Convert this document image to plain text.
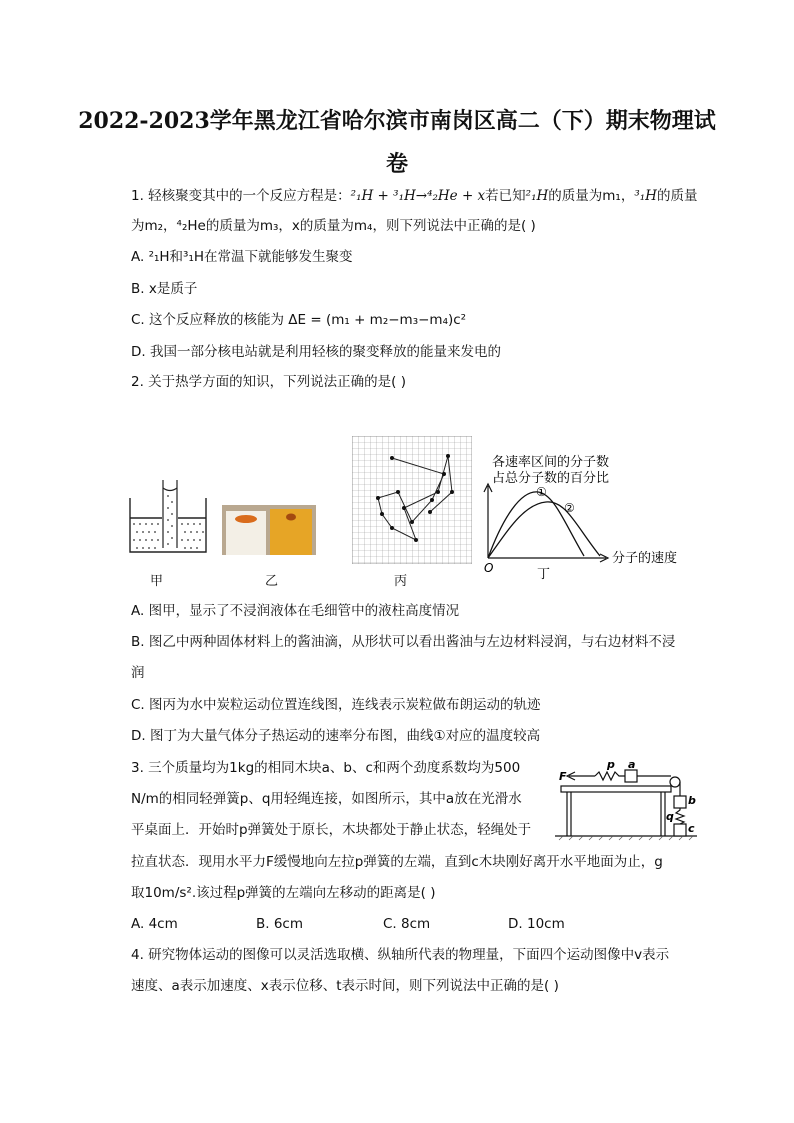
2022-2023学年黑龙江省哈尔滨市南岗区高二（下）期末物理试
卷
1. 轻核聚变其中的一个反应方程是：²₁H + ³₁H→⁴₂He + x若已知²₁H的质量为m₁，³₁H的质量
为m₂，⁴₂He的质量为m₃，x的质量为m₄，则下列说法中正确的是( )
A. ²₁H和³₁H在常温下就能够发生聚变
B. x是质子
C. 这个反应释放的核能为 ΔE = (m₁ + m₂−m₃−m₄)c²
D. 我国一部分核电站就是利用轻核的聚变释放的能量来发电的
2. 关于热学方面的知识，下列说法正确的是( )
甲	乙	丙
各速率区间的分子数
占总分子数的百分比
①
②
O
分子的速度
丁
A. 图甲，显示了不浸润液体在毛细管中的液柱高度情况
B. 图乙中两种固体材料上的酱油滴，从形状可以看出酱油与左边材料浸润，与右边材料不浸
润
C. 图丙为水中炭粒运动位置连线图，连线表示炭粒做布朗运动的轨迹
D. 图丁为大量气体分子热运动的速率分布图，曲线①对应的温度较高
3. 三个质量均为1kg的相同木块a、b、c和两个劲度系数均为500
N/m的相同轻弹簧p、q用轻绳连接，如图所示，其中a放在光滑水
平桌面上．开始时p弹簧处于原长，木块都处于静止状态，轻绳处于
拉直状态．现用水平力F缓慢地向左拉p弹簧的左端，直到c木块刚好离开水平地面为止，g
取10m/s².该过程p弹簧的左端向左移动的距离是( )
F
p a
b
q
c
A. 4cm	B. 6cm	C. 8cm	D. 10cm
4. 研究物体运动的图像可以灵活选取横、纵轴所代表的物理量，下面四个运动图像中v表示
速度、a表示加速度、x表示位移、t表示时间，则下列说法中正确的是( )
